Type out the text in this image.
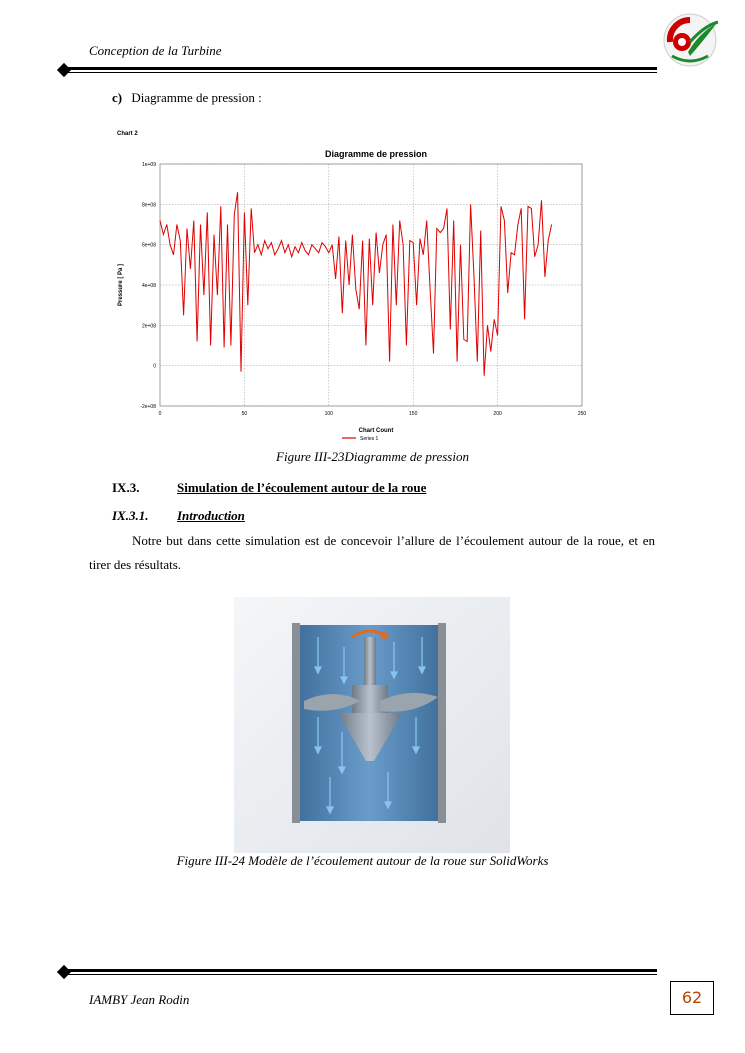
Conception de la Turbine
c) Diagramme de pression :
Chart 2
Diagramme de pression
-2e+08
0
2e+08
4e+08
6e+08
8e+08
1e+09
0	50	100	150	200	250
Chart Count
Series 1
Pressure [ Pa ]
Figure III-23Diagramme de pression
IX.3.	Simulation de l’écoulement autour de la roue
IX.3.1. Introduction
Notre but dans cette simulation est de concevoir l’allure de l’écoulement autour de la roue, et en tirer des résultats.
Figure III-24 Modèle de l’écoulement autour de la roue sur SolidWorks
IAMBY Jean Rodin	62
